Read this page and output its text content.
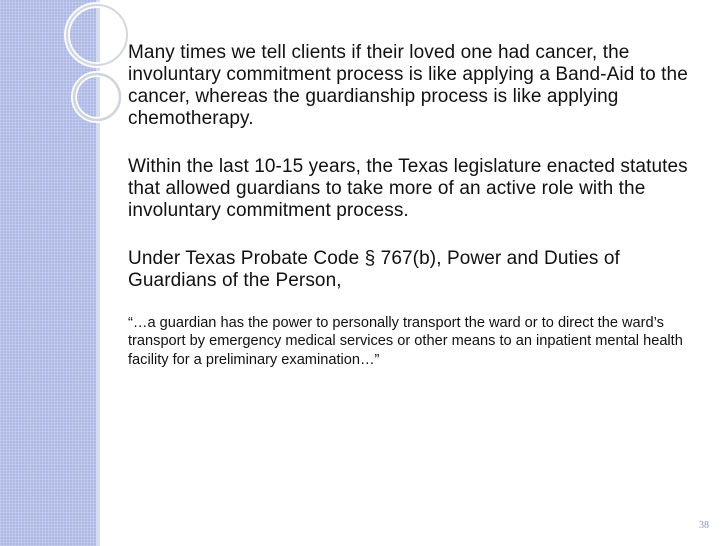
Many times we tell clients if their loved one had cancer, the involuntary commitment process is like applying a Band-Aid to the cancer, whereas the guardianship process is like applying chemotherapy.

Within the last 10-15 years, the Texas legislature enacted statutes that allowed guardians to take more of an active role with the involuntary commitment process.

Under Texas Probate Code § 767(b), Power and Duties of Guardians of the Person,

“…a guardian has the power to personally transport the ward or to direct the ward’s transport by emergency medical services or other means to an inpatient mental health facility for a preliminary examination…”

38
